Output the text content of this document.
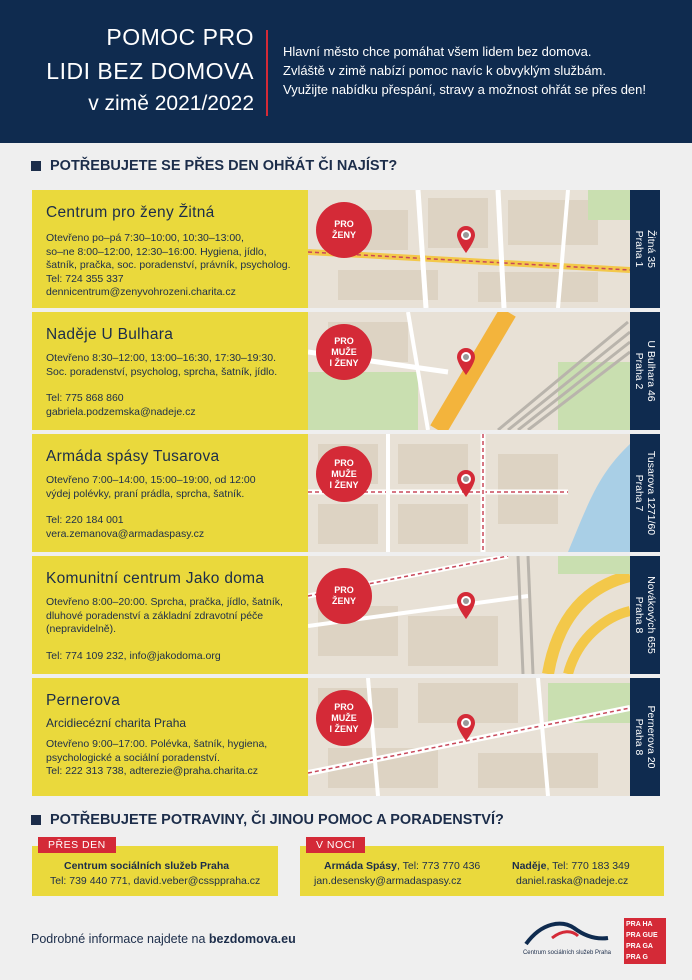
POMOC PRO
LIDI BEZ DOMOVA
v zimě 2021/2022
Hlavní město chce pomáhat všem lidem bez domova.
Zvláště v zimě nabízí pomoc navíc k obvyklým službám.
Využijte nabídku přespání, stravy a možnost ohřát se přes den!
POTŘEBUJETE SE PŘES DEN OHŘÁT ČI NAJÍST?
Centrum pro ženy Žitná
Otevřeno po–pá 7:30–10:00, 10:30–13:00,
so–ne 8:00–12:00, 12:30–16:00. Hygiena, jídlo,
šatník, pračka, soc. poradenství, právník, psycholog.
Tel: 724 355 337
dennicentrum@zenyvohrozeni.charita.cz
PRO
ŽENY	Žitná 35
Praha 1
Naděje U Bulhara
Otevřeno 8:30–12:00, 13:00–16:30, 17:30–19:30.
Soc. poradenství, psycholog, sprcha, šatník, jídlo.
Tel: 775 868 860
gabriela.podzemska@nadeje.cz
PRO
MUŽE
I ŽENY	U Bulhara 46
Praha 2
Armáda spásy Tusarova
Otevřeno 7:00–14:00, 15:00–19:00, od 12:00
výdej polévky, praní prádla, sprcha, šatník.
Tel: 220 184 001
vera.zemanova@armadaspasy.cz
PRO
MUŽE
I ŽENY	Tusarova 1271/60
Praha 7
Komunitní centrum Jako doma
Otevřeno 8:00–20:00. Sprcha, pračka, jídlo, šatník,
dluhové poradenství a základní zdravotní péče
(nepravidelně).
Tel: 774 109 232, info@jakodoma.org
PRO
ŽENY	Novákových 655
Praha 8
Pernerova
Arcidiecézní charita Praha
Otevřeno 9:00–17:00. Polévka, šatník, hygiena,
psychologické a sociální poradenství.
Tel: 222 313 738, adterezie@praha.charita.cz
PRO
MUŽE
I ŽENY	Pernerova 20
Praha 8
POTŘEBUJETE POTRAVINY, ČI JINOU POMOC A PORADENSTVÍ?
PŘES DEN
Centrum sociálních služeb Praha
Tel: 739 440 771, david.veber@cssppraha.cz
V NOCI
Armáda Spásy, Tel: 773 770 436
jan.desensky@armadaspasy.cz
Naděje, Tel: 770 183 349
daniel.raska@nadeje.cz
Podrobné informace najdete na bezdomova.eu
Centrum sociálních služeb Praha
PRA HA
PRA GUE
PRA GA
PRA G
